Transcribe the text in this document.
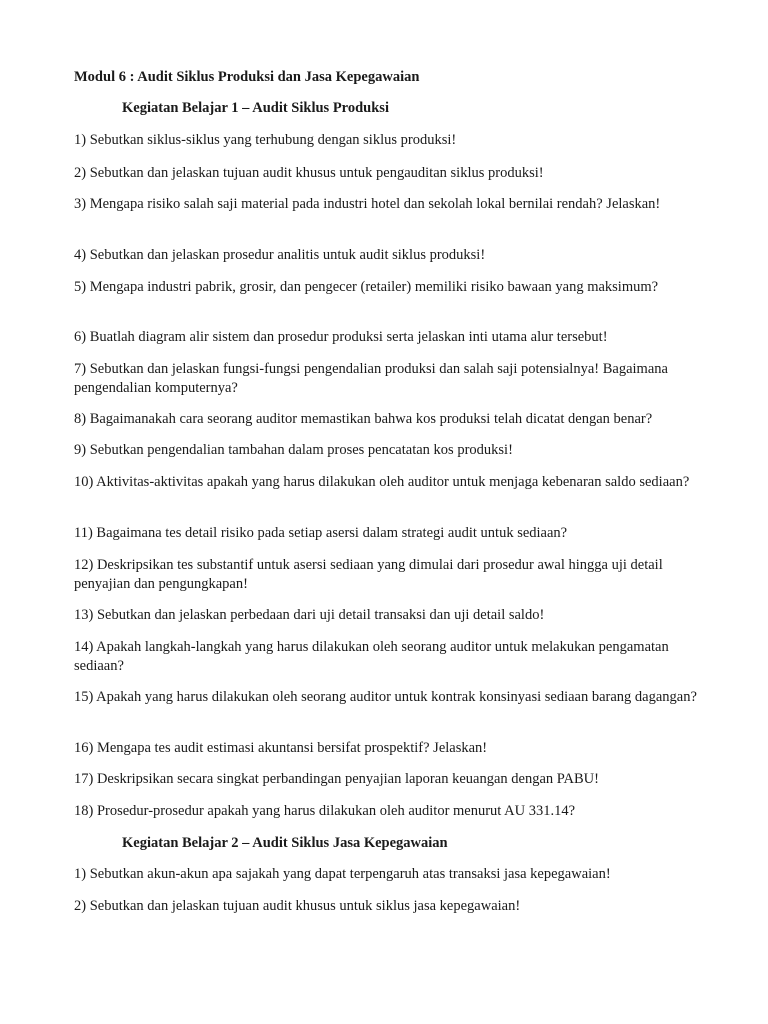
Modul 6 : Audit Siklus Produksi dan Jasa Kepegawaian
Kegiatan Belajar 1 – Audit Siklus Produksi

1) Sebutkan siklus-siklus yang terhubung dengan siklus produksi!

2) Sebutkan dan jelaskan tujuan audit khusus untuk pengauditan siklus produksi!

3) Mengapa risiko salah saji material pada industri hotel dan sekolah lokal bernilai rendah? Jelaskan!

4) Sebutkan dan jelaskan prosedur analitis untuk audit siklus produksi!

5) Mengapa industri pabrik, grosir, dan pengecer (retailer) memiliki risiko bawaan yang maksimum?

6) Buatlah diagram alir sistem dan prosedur produksi serta jelaskan inti utama alur tersebut!

7) Sebutkan dan jelaskan fungsi-fungsi pengendalian produksi dan salah saji potensialnya! Bagaimana pengendalian komputernya?

8) Bagaimanakah cara seorang auditor memastikan bahwa kos produksi telah dicatat dengan benar?

9) Sebutkan pengendalian tambahan dalam proses pencatatan kos produksi!

10) Aktivitas-aktivitas apakah yang harus dilakukan oleh auditor untuk menjaga kebenaran saldo sediaan?

11) Bagaimana tes detail risiko pada setiap asersi dalam strategi audit untuk sediaan?

12) Deskripsikan tes substantif untuk asersi sediaan yang dimulai dari prosedur awal hingga uji detail penyajian dan pengungkapan!

13) Sebutkan dan jelaskan perbedaan dari uji detail transaksi dan uji detail saldo!

14) Apakah langkah-langkah yang harus dilakukan oleh seorang auditor untuk melakukan pengamatan sediaan?

15) Apakah yang harus dilakukan oleh seorang auditor untuk kontrak konsinyasi sediaan barang dagangan?

16) Mengapa tes audit estimasi akuntansi bersifat prospektif? Jelaskan!

17) Deskripsikan secara singkat perbandingan penyajian laporan keuangan dengan PABU!

18) Prosedur-prosedur apakah yang harus dilakukan oleh auditor menurut AU 331.14?

Kegiatan Belajar 2 – Audit Siklus Jasa Kepegawaian

1) Sebutkan akun-akun apa sajakah yang dapat terpengaruh atas transaksi jasa kepegawaian!

2) Sebutkan dan jelaskan tujuan audit khusus untuk siklus jasa kepegawaian!
